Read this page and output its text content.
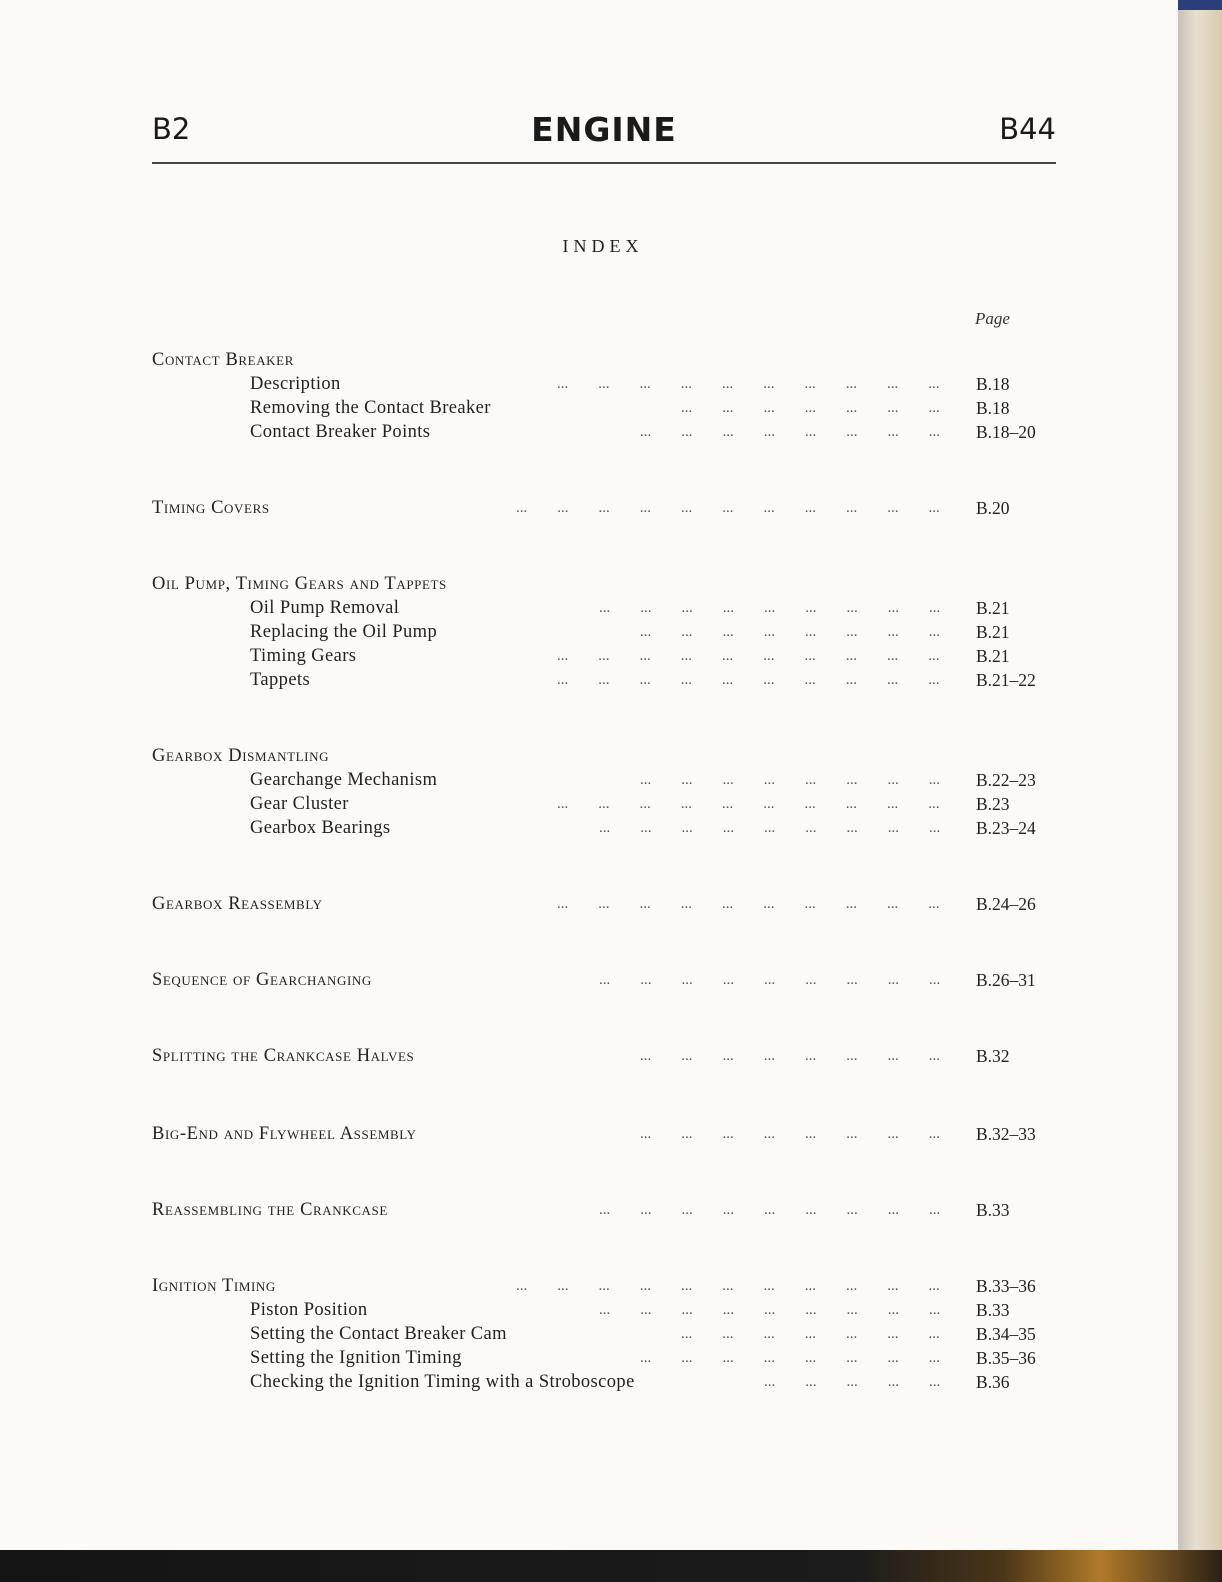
B2	ENGINE	B44
INDEX
Page
Contact Breaker
Description	...  ...  ...  ...  ...  ...  ...  ...  ...  ... B.18
Removing the Contact Breaker	...  ...  ...  ...  ...  ...  ... B.18
Contact Breaker Points	...  ...  ...  ...  ...  ...  ...  ... B.18–20
Timing Covers	...  ...  ...  ...  ...  ...  ...  ...  ...  ...  ... B.20
Oil Pump, Timing Gears and Tappets
Oil Pump Removal	...  ...  ...  ...  ...  ...  ...  ...  ... B.21
Replacing the Oil Pump	...  ...  ...  ...  ...  ...  ...  ... B.21
Timing Gears	...  ...  ...  ...  ...  ...  ...  ...  ...  ... B.21
Tappets	...  ...  ...  ...  ...  ...  ...  ...  ...  ... B.21–22
Gearbox Dismantling
Gearchange Mechanism	...  ...  ...  ...  ...  ...  ...  ... B.22–23
Gear Cluster	...  ...  ...  ...  ...  ...  ...  ...  ...  ... B.23
Gearbox Bearings	...  ...  ...  ...  ...  ...  ...  ...  ... B.23–24
Gearbox Reassembly	...  ...  ...  ...  ...  ...  ...  ...  ...  ... B.24–26
Sequence of Gearchanging	...  ...  ...  ...  ...  ...  ...  ...  ... B.26–31
Splitting the Crankcase Halves	...  ...  ...  ...  ...  ...  ...  ... B.32
Big-End and Flywheel Assembly	...  ...  ...  ...  ...  ...  ...  ... B.32–33
Reassembling the Crankcase	...  ...  ...  ...  ...  ...  ...  ...  ... B.33
Ignition Timing	...  ...  ...  ...  ...  ...  ...  ...  ...  ...  ... B.33–36
Piston Position	...  ...  ...  ...  ...  ...  ...  ...  ... B.33
Setting the Contact Breaker Cam	...  ...  ...  ...  ...  ...  ... B.34–35
Setting the Ignition Timing	...  ...  ...  ...  ...  ...  ...  ... B.35–36
Checking the Ignition Timing with a Stroboscope	...  ...  ...  ...  ... B.36
